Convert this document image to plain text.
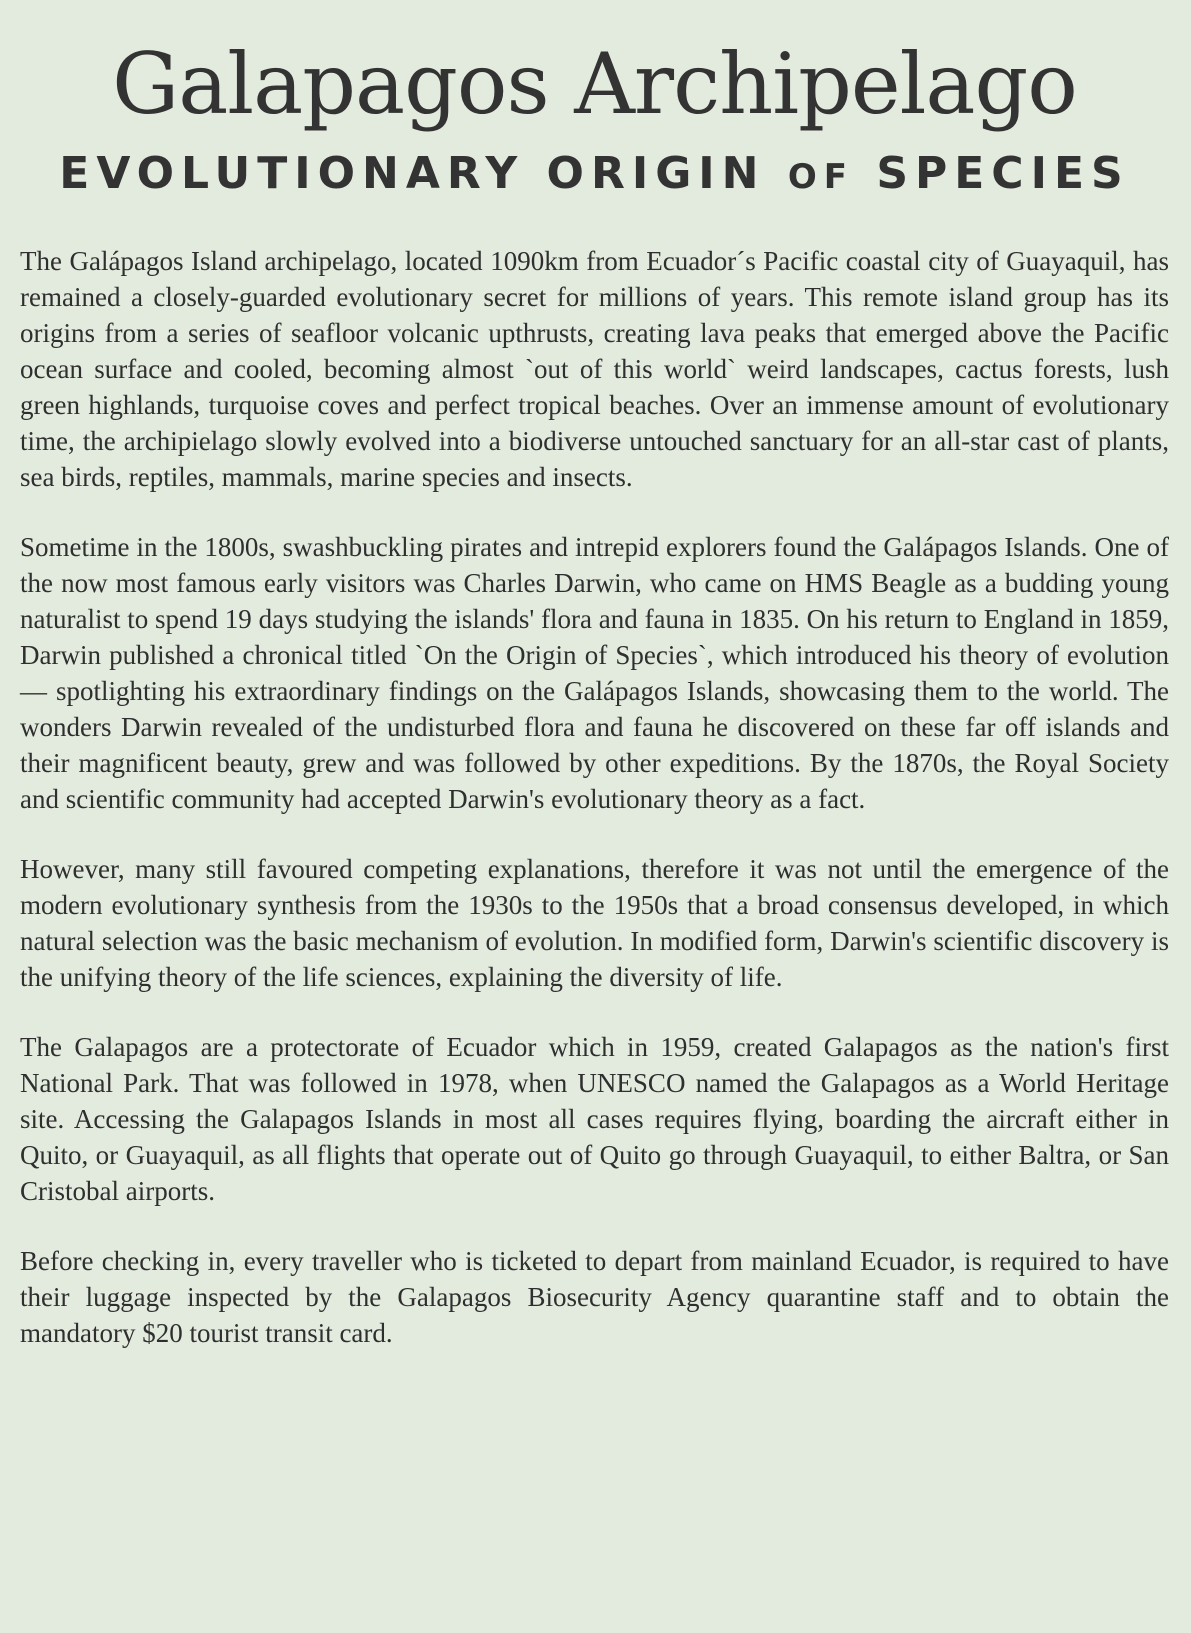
Galapagos Archipelago
EVOLUTIONARY ORIGIN OF SPECIES

The Galápagos Island archipelago, located 1090km from Ecuador´s Pacific coastal city of Guayaquil, has remained a closely-guarded evolutionary secret for millions of years. This remote island group has its origins from a series of seafloor volcanic upthrusts, creating lava peaks that emerged above the Pacific ocean surface and cooled, becoming almost `out of this world` weird landscapes, cactus forests, lush green highlands, turquoise coves and perfect tropical beaches. Over an immense amount of evolutionary time, the archipielago slowly evolved into a biodiverse untouched sanctuary for an all-star cast of plants, sea birds, reptiles, mammals, marine species and insects.

Sometime in the 1800s, swashbuckling pirates and intrepid explorers found the Galápagos Islands. One of the now most famous early visitors was Charles Darwin, who came on HMS Beagle as a budding young naturalist to spend 19 days studying the islands' flora and fauna in 1835. On his return to England in 1859, Darwin published a chronical titled `On the Origin of Species`, which introduced his theory of evolution — spotlighting his extraordinary findings on the Galápagos Islands, showcasing them to the world. The wonders Darwin revealed of the undisturbed flora and fauna he discovered on these far off islands and their magnificent beauty, grew and was followed by other expeditions. By the 1870s, the Royal Society and scientific community had accepted Darwin's evolutionary theory as a fact.

However, many still favoured competing explanations, therefore it was not until the emergence of the modern evolutionary synthesis from the 1930s to the 1950s that a broad consensus developed, in which natural selection was the basic mechanism of evolution. In modified form, Darwin's scientific discovery is the unifying theory of the life sciences, explaining the diversity of life.

The Galapagos are a protectorate of Ecuador which in 1959, created Galapagos as the nation's first National Park. That was followed in 1978, when UNESCO named the Galapagos as a World Heritage site. Accessing the Galapagos Islands in most all cases requires flying, boarding the aircraft either in Quito, or Guayaquil, as all flights that operate out of Quito go through Guayaquil, to either Baltra, or San Cristobal airports.

Before checking in, every traveller who is ticketed to depart from mainland Ecuador, is required to have their luggage inspected by the Galapagos Biosecurity Agency quarantine staff and to obtain the mandatory $20 tourist transit card.
